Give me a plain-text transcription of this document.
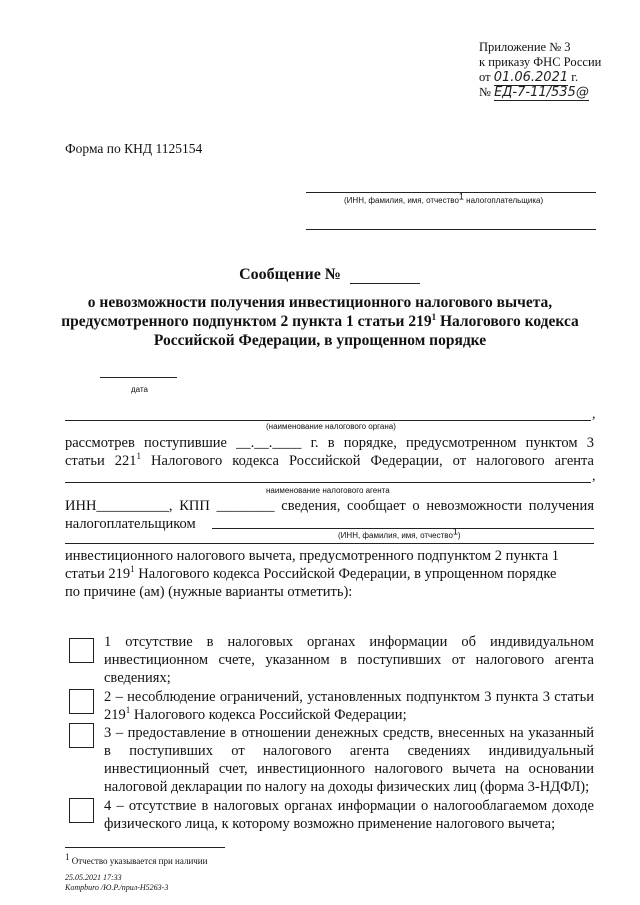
Приложение № 3
к приказу ФНС России
от 01.06.2021 г.
№ ЕД-7-11/535@
Форма по КНД 1125154
(ИНН, фамилия, имя, отчество$^1$ налогоплательщика)
Сообщение №
о невозможности получения инвестиционного налогового вычета,
предусмотренного подпунктом 2 пункта 1 статьи $219^1$ Налогового кодекса
Российской Федерации, в упрощенном порядке
дата
,
(наименование налогового органа)
рассмотрев поступившие __.__.____ г. в порядке, предусмотренном пунктом 3
статьи $221^1$ Налогового кодекса Российской Федерации, от налогового агента
,
наименование налогового агента
ИНН__________, КПП ________ сведения, сообщает о невозможности получения
налогоплательщиком
(ИНН, фамилия, имя, отчество$^1$)
инвестиционного налогового вычета, предусмотренного подпунктом 2 пункта 1
статьи $219^1$ Налогового кодекса Российской Федерации, в упрощенном порядке
по причине (ам) (нужные варианты отметить):
1 отсутствие в налоговых органах информации об индивидуальном
инвестиционном счете, указанном в поступивших от налогового агента
сведениях;
2 – несоблюдение ограничений, установленных подпунктом 3 пункта 3 статьи
$219^1$ Налогового кодекса Российской Федерации;
3 – предоставление в отношении денежных средств, внесенных на указанный
в поступивших от налогового агента сведениях индивидуальный
инвестиционный счет, инвестиционного налогового вычета на основании
налоговой декларации по налогу на доходы физических лиц (форма 3-НДФЛ);
4 – отсутствие в налоговых органах информации о налогооблагаемом доходе
физического лица, к которому возможно применение налогового вычета;
$^1$ Отчество указывается при наличии
25.05.2021 17:33
Kompburo /Ю.Р./прил-Н5263-3
